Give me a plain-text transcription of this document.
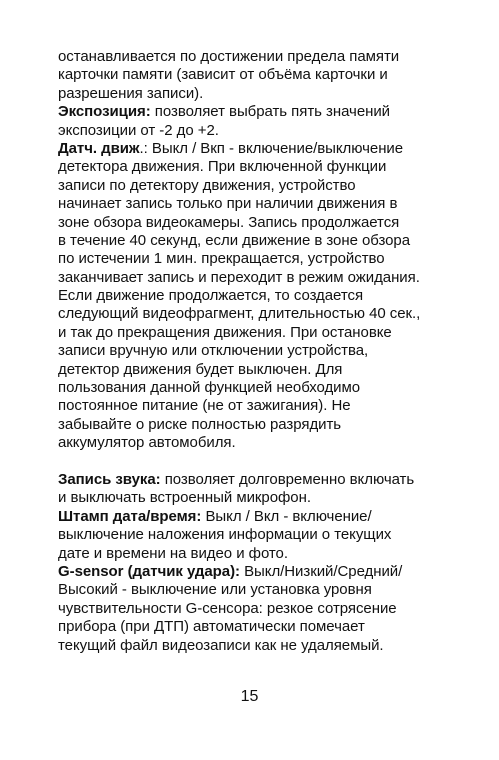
останавливается по достижении предела памяти
карточки памяти (зависит от объёма карточки и
разрешения записи).
Экспозиция: позволяет выбрать пять значений
экспозиции от -2 до +2.
Датч. движ.: Выкл / Вкп - включение/выключение
детектора движения. При включенной функции
записи по детектору движения, устройство
начинает запись только при наличии движения в
зоне обзора видеокамеры. Запись продолжается
в течение 40 секунд, если движение в зоне обзора
по истечении 1 мин. прекращается, устройство
заканчивает запись и переходит в режим ожидания.
Если движение продолжается, то создается
следующий видеофрагмент, длительностью 40 сек.,
и так до прекращения движения. При остановке
записи вручную или отключении устройства,
детектор движения будет выключен. Для
пользования данной функцией необходимо
постоянное питание (не от зажигания). Не
забывайте о риске полностью разрядить
аккумулятор автомобиля.
Запись звука: позволяет долговременно включать
и выключать встроенный микрофон.
Штамп дата/время: Выкл / Вкл - включение/
выключение наложения информации о текущих
дате и времени на видео и фото.
G-sensor (датчик удара): Выкл/Низкий/Средний/
Высокий - выключение или установка уровня
чувствительности G-сенсора: резкое сотрясение
прибора (при ДТП) автоматически помечает
текущий файл видеозаписи как не удаляемый.
15
